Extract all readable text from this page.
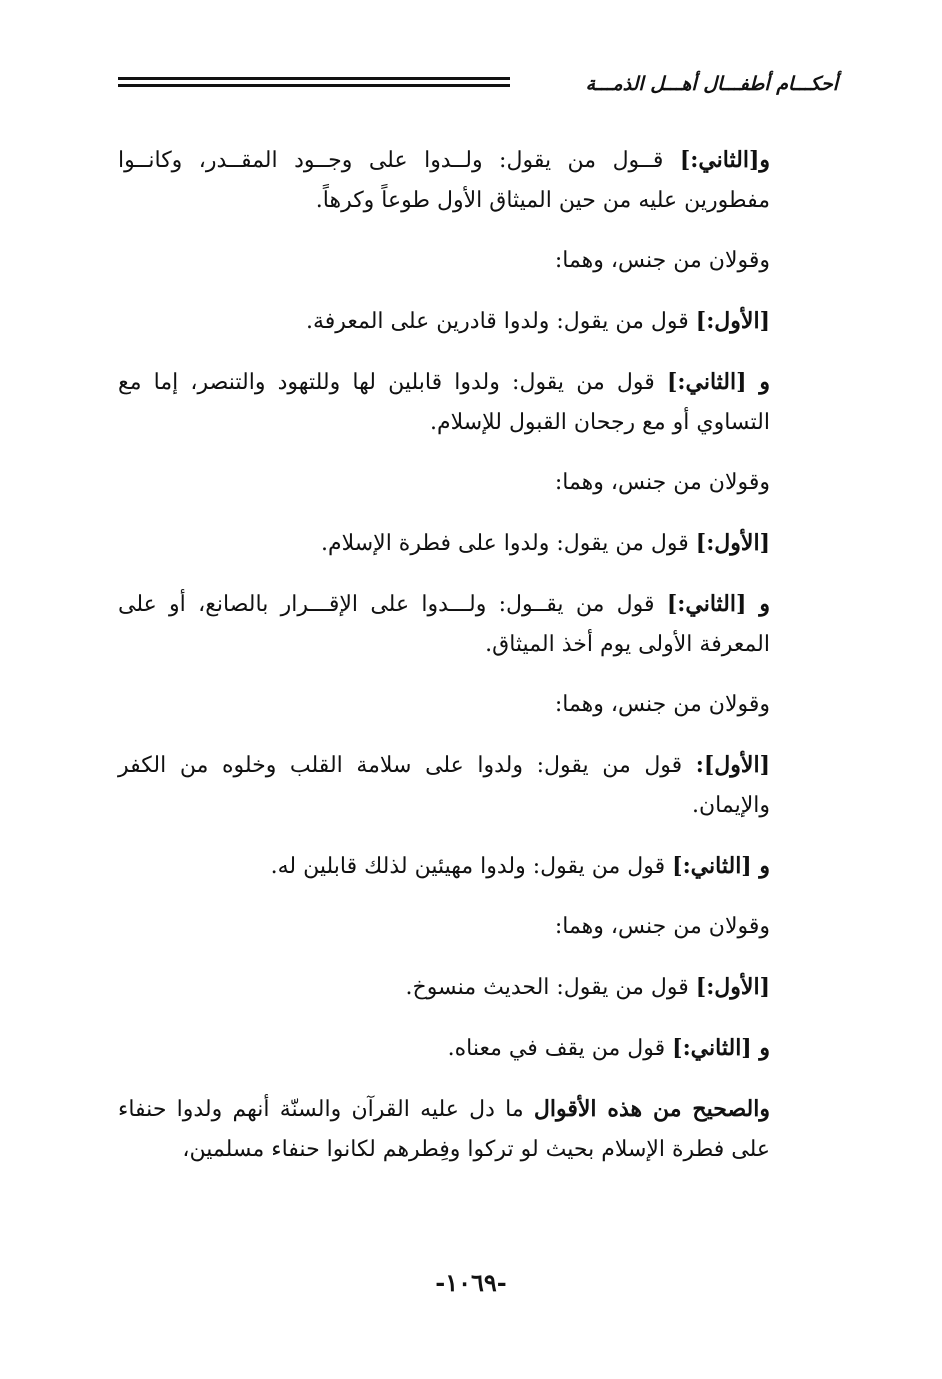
أحكـــام أطفـــال أهـــل الذمـــة

و[الثاني:] قــول من يقول: ولــدوا على وجــود المقــدر، وكانــوا مفطورين عليه من حين الميثاق الأول طوعاً وكرهاً.

وقولان من جنس، وهما:

[الأول:] قول من يقول: ولدوا قادرين على المعرفة.

و [الثاني:] قول من يقول: ولدوا قابلين لها وللتهود والتنصر، إما مع التساوي أو مع رجحان القبول للإسلام.

وقولان من جنس، وهما:

[الأول:] قول من يقول: ولدوا على فطرة الإسلام.

و [الثاني:] قول من يقــول: ولـــدوا على الإقـــرار بالصانع، أو على المعرفة الأولى يوم أخذ الميثاق.

وقولان من جنس، وهما:

[الأول]: قول من يقول: ولدوا على سلامة القلب وخلوه من الكفر والإيمان.

و [الثاني:] قول من يقول: ولدوا مهيئين لذلك قابلين له.

وقولان من جنس، وهما:

[الأول:] قول من يقول: الحديث منسوخ.

و [الثاني:] قول من يقف في معناه.

والصحيح من هذه الأقوال ما دل عليه القرآن والسنّة أنهم ولدوا حنفاء على فطرة الإسلام بحيث لو تركوا وفِطرهم لكانوا حنفاء مسلمين،

-١٠٦٩-
